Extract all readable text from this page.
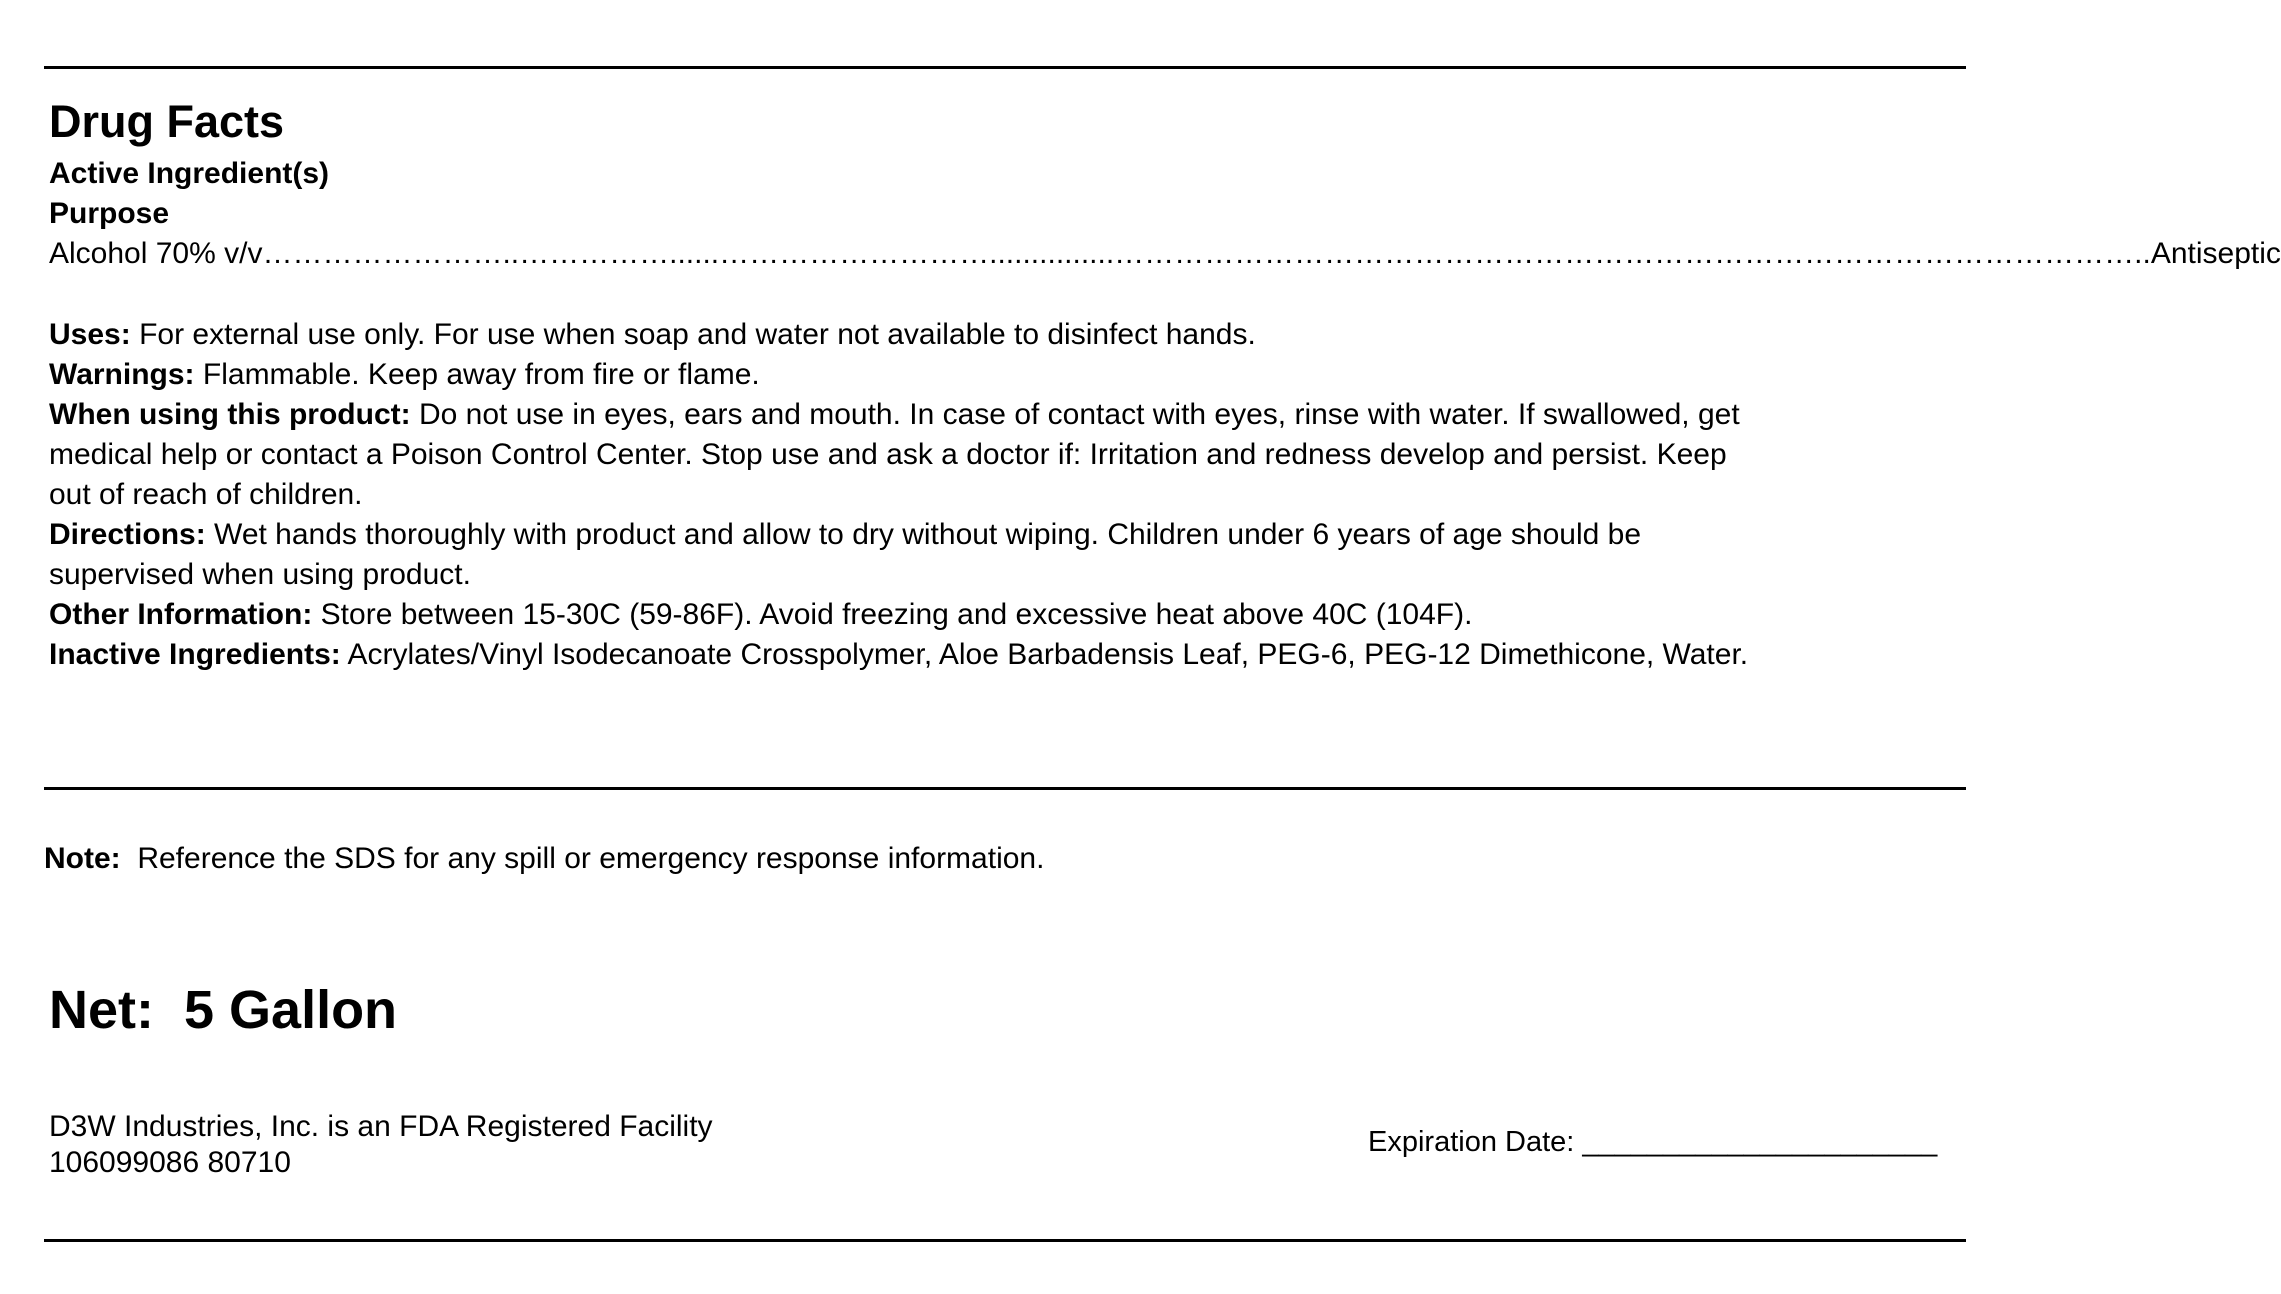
Drug Facts
Active Ingredient(s)
Purpose
Alcohol 70% v/v ……………………..……………......………………………...............………………………………………………………………………………………… ..Antiseptic
Uses: For external use only. For use when soap and water not available to disinfect hands.
Warnings: Flammable. Keep away from fire or flame.
When using this product: Do not use in eyes, ears and mouth. In case of contact with eyes, rinse with water. If swallowed, get
medical help or contact a Poison Control Center. Stop use and ask a doctor if: Irritation and redness develop and persist. Keep
out of reach of children.
Directions: Wet hands thoroughly with product and allow to dry without wiping. Children under 6 years of age should be
supervised when using product.
Other Information: Store between 15-30C (59-86F). Avoid freezing and excessive heat above 40C (104F).
Inactive Ingredients: Acrylates/Vinyl Isodecanoate Crosspolymer, Aloe Barbadensis Leaf, PEG-6, PEG-12 Dimethicone, Water.
Note: Reference the SDS for any spill or emergency response information.
Net:  5 Gallon
D3W Industries, Inc. is an FDA Registered Facility
106099086 80710
Expiration Date: ______________________
